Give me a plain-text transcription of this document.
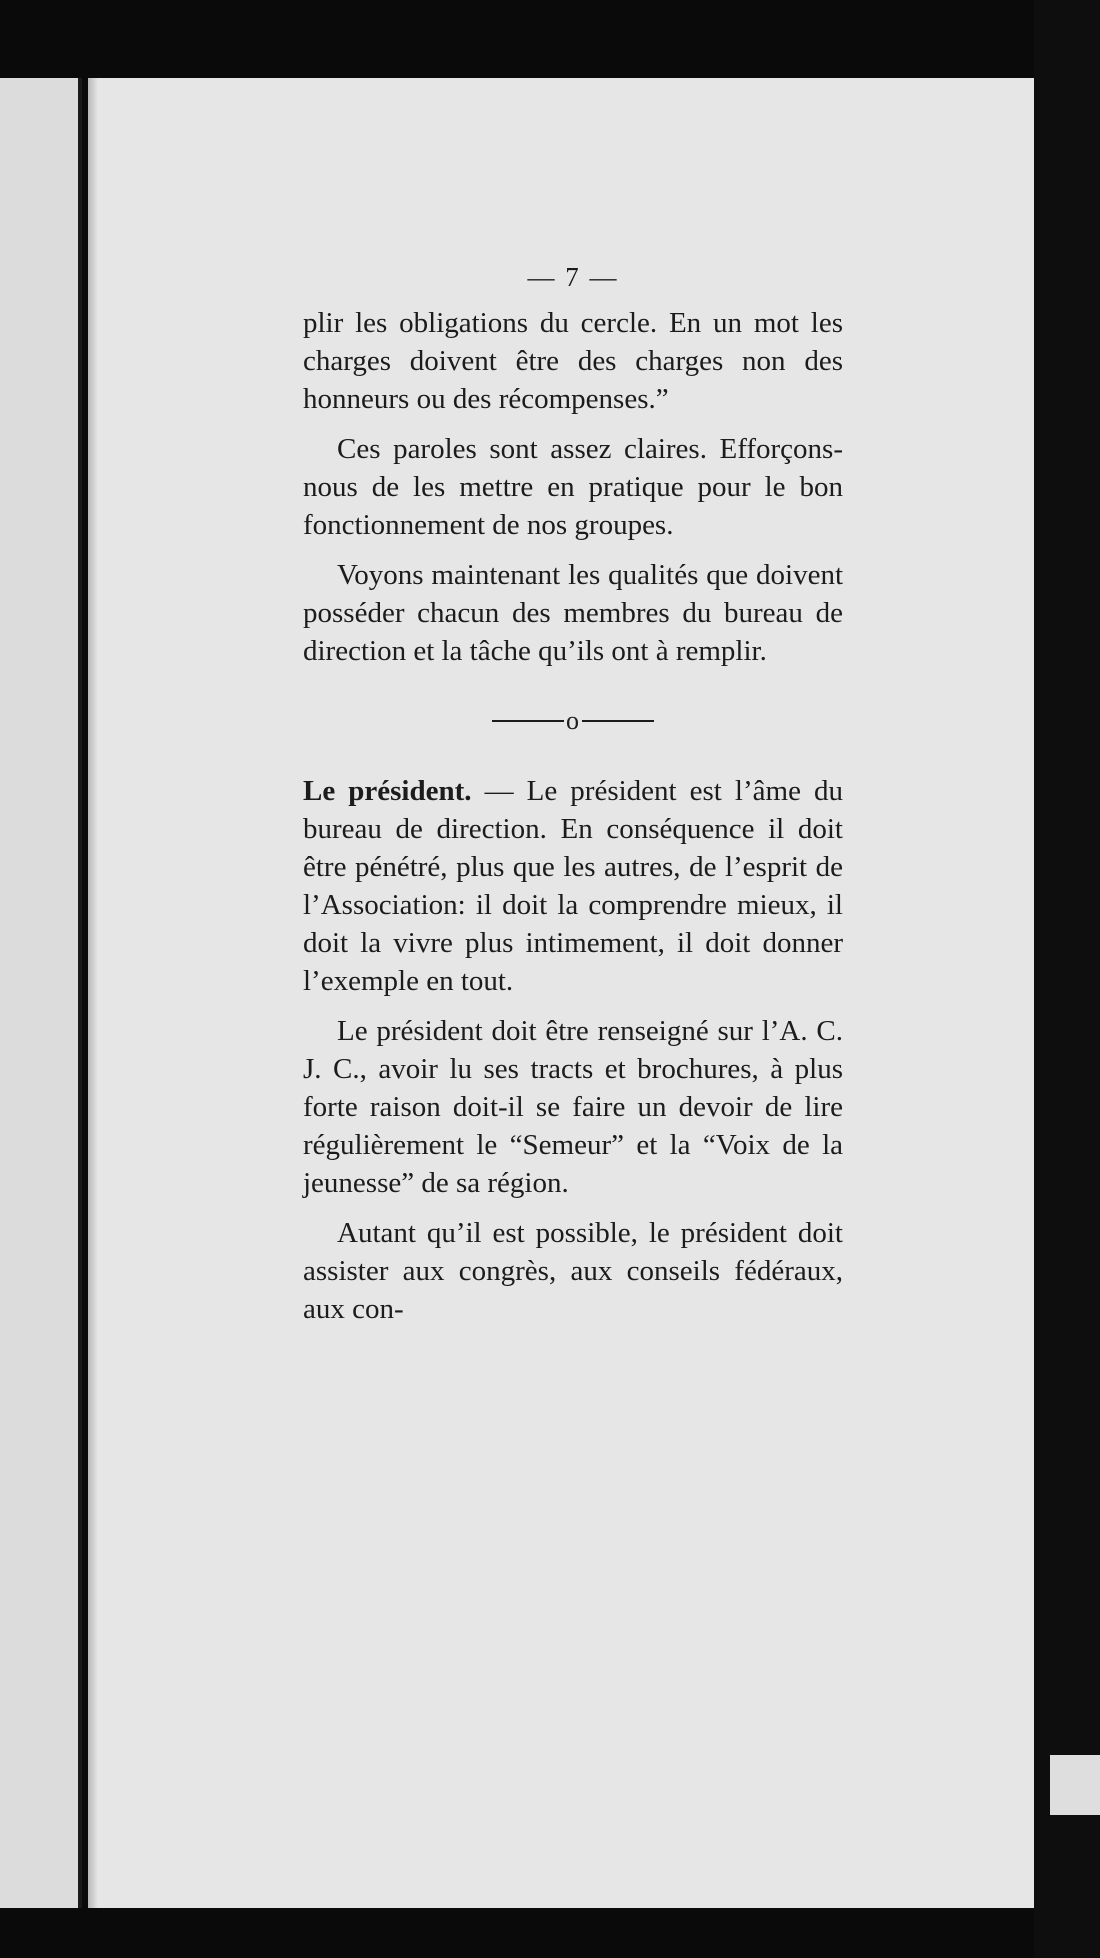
— 7 —

plir les obligations du cercle. En un mot les charges doivent être des charges non des honneurs ou des récompenses.”

Ces paroles sont assez claires. Efforçons-nous de les mettre en pratique pour le bon fonctionnement de nos groupes.

Voyons maintenant les qualités que doivent posséder chacun des membres du bureau de direction et la tâche qu’ils ont à remplir.

o

Le président. — Le président est l’âme du bureau de direction. En conséquence il doit être pénétré, plus que les autres, de l’esprit de l’Association: il doit la comprendre mieux, il doit la vivre plus intimement, il doit donner l’exemple en tout.

Le président doit être renseigné sur l’A. C. J. C., avoir lu ses tracts et brochures, à plus forte raison doit-il se faire un devoir de lire régulièrement le “Semeur” et la “Voix de la jeunesse” de sa région.

Autant qu’il est possible, le président doit assister aux congrès, aux conseils fédéraux, aux con-
